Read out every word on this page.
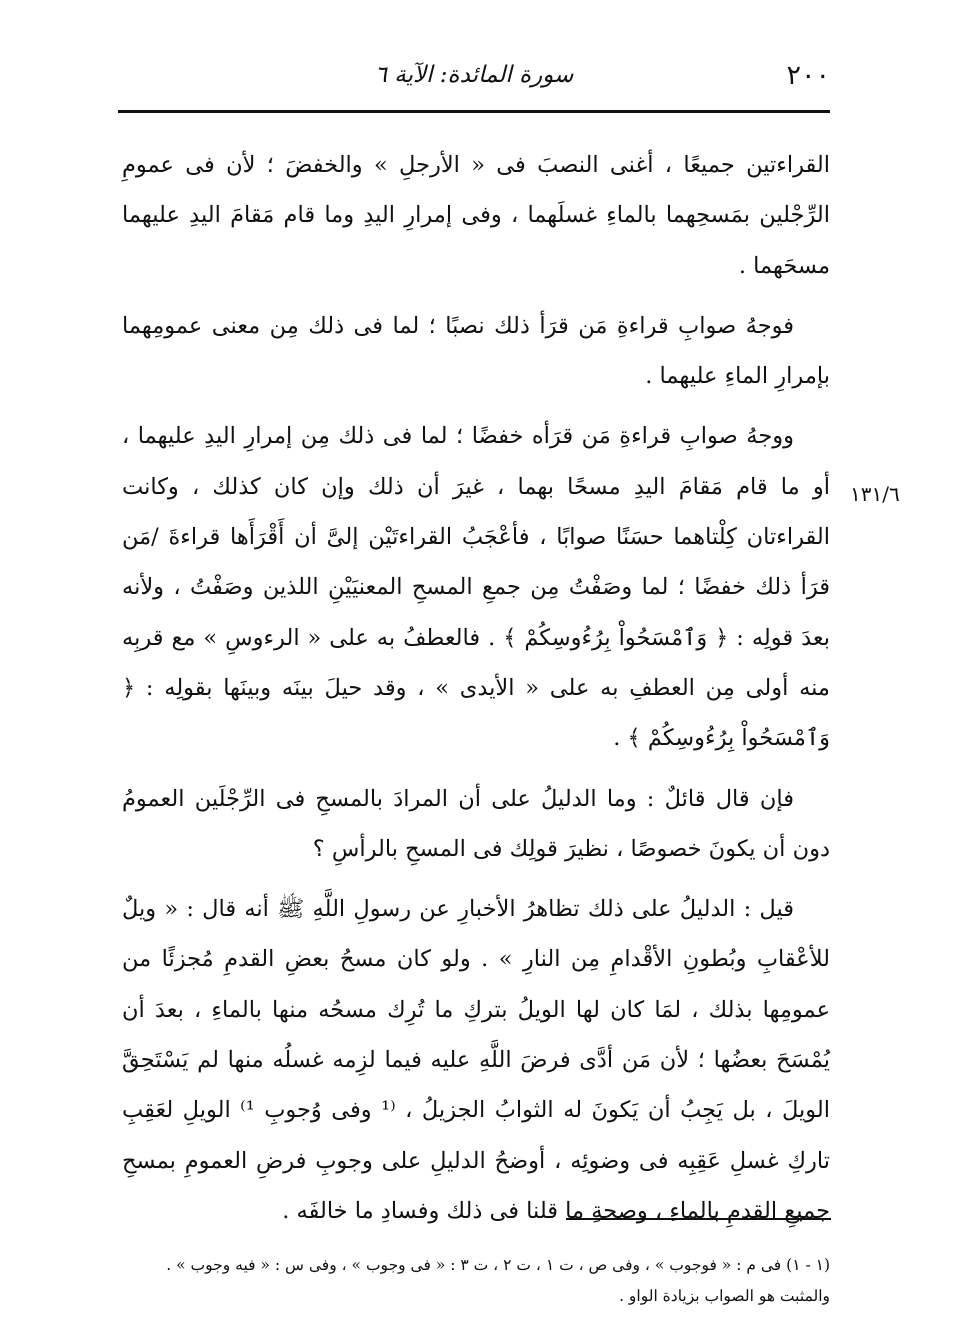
٢٠٠
سورة المائدة: الآية ٦
١٣١/٦

القراءتين جميعًا ، أغنى النصبَ فى « الأرجلِ » والخفضَ ؛ لأن فى عمومِ الرِّجْلين بمَسحِهما بالماءِ غسلَهما ، وفى إمرارِ اليدِ وما قام مَقامَ اليدِ عليهما مسحَهما .

فوجهُ صوابِ قراءةِ مَن قرَأ ذلك نصبًا ؛ لما فى ذلك مِن معنى عمومِهما بإمرارِ الماءِ عليهما .

ووجهُ صوابِ قراءةِ مَن قرَأه خفضًا ؛ لما فى ذلك مِن إمرارِ اليدِ عليهما ، أو ما قام مَقامَ اليدِ مسحًا بهما ، غيرَ أن ذلك وإن كان كذلك ، وكانت القراءتان كِلْتاهما حسَنًا صوابًا ، فأعْجَبُ القراءتَيْن إلىَّ أن أَقْرَأَها قراءةَ /مَن قرَأ ذلك خفضًا ؛ لما وصَفْتُ مِن جمعِ المسحِ المعنيَيْنِ اللذين وصَفْتُ ، ولأنه بعدَ قولِه : ﴿ وَٱمْسَحُواْ بِرُءُوسِكُمْ ﴾ . فالعطفُ به على « الرءوسِ » مع قربِه منه أولى مِن العطفِ به على « الأيدى » ، وقد حيلَ بينَه وبينَها بقولِه : ﴿ وَٱمْسَحُواْ بِرُءُوسِكُمْ ﴾ .

فإن قال قائلٌ : وما الدليلُ على أن المرادَ بالمسحِ فى الرِّجْلَين العمومُ دون أن يكونَ خصوصًا ، نظيرَ قولِك فى المسحِ بالرأسِ ؟

قيل : الدليلُ على ذلك تظاهرُ الأخبارِ عن رسولِ اللَّهِ ﷺ أنه قال : « ويلٌ للأعْقابِ وبُطونِ الأقْدامِ مِن النارِ » . ولو كان مسحُ بعضِ القدمِ مُجزئًا من عمومِها بذلك ، لمَا كان لها الويلُ بتركِ ما تُرِك مسحُه منها بالماءِ ، بعدَ أن يُمْسَحَ بعضُها ؛ لأن مَن أدَّى فرضَ اللَّهِ عليه فيما لزِمه غسلُه منها لم يَسْتَحِقَّ الويلَ ، بل يَجِبُ أن يَكونَ له الثوابُ الجزيلُ ، ⁽¹ وفى وُجوبِ ¹⁾ الويلِ لعَقِبِ تاركِ غسلِ عَقِبِه فى وضوئِه ، أوضحُ الدليلِ على وجوبِ فرضِ العمومِ بمسحِ جميعِ القدمِ بالماءِ ، وصحةِ ما قلنا فى ذلك وفسادِ ما خالفَه .

(١ - ١) فى م : « فوجوب » ، وفى ص ، ت ١ ، ت ٢ ، ت ٣ : « فى وجوب » ، وفى س : « فيه وجوب » .

والمثبت هو الصواب بزيادة الواو .
